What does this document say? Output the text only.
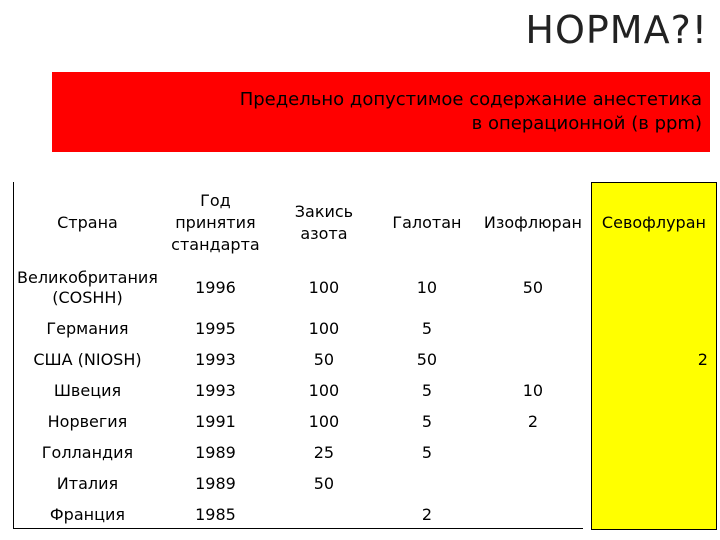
НОРМА?!
Предельно допустимое содержание анестетика
в операционной (в ppm)
Страна	Год принятия стандарта	Закись азота	Галотан	Изофлюран	Севофлуран
Великобритания (COSHH)	1996	100	10	50	
Германия	1995	100	5		
США (NIOSH)	1993	50	50		2
Швеция	1993	100	5	10	
Норвегия	1991	100	5	2	
Голландия	1989	25	5		
Италия	1989	50			
Франция	1985		2		
